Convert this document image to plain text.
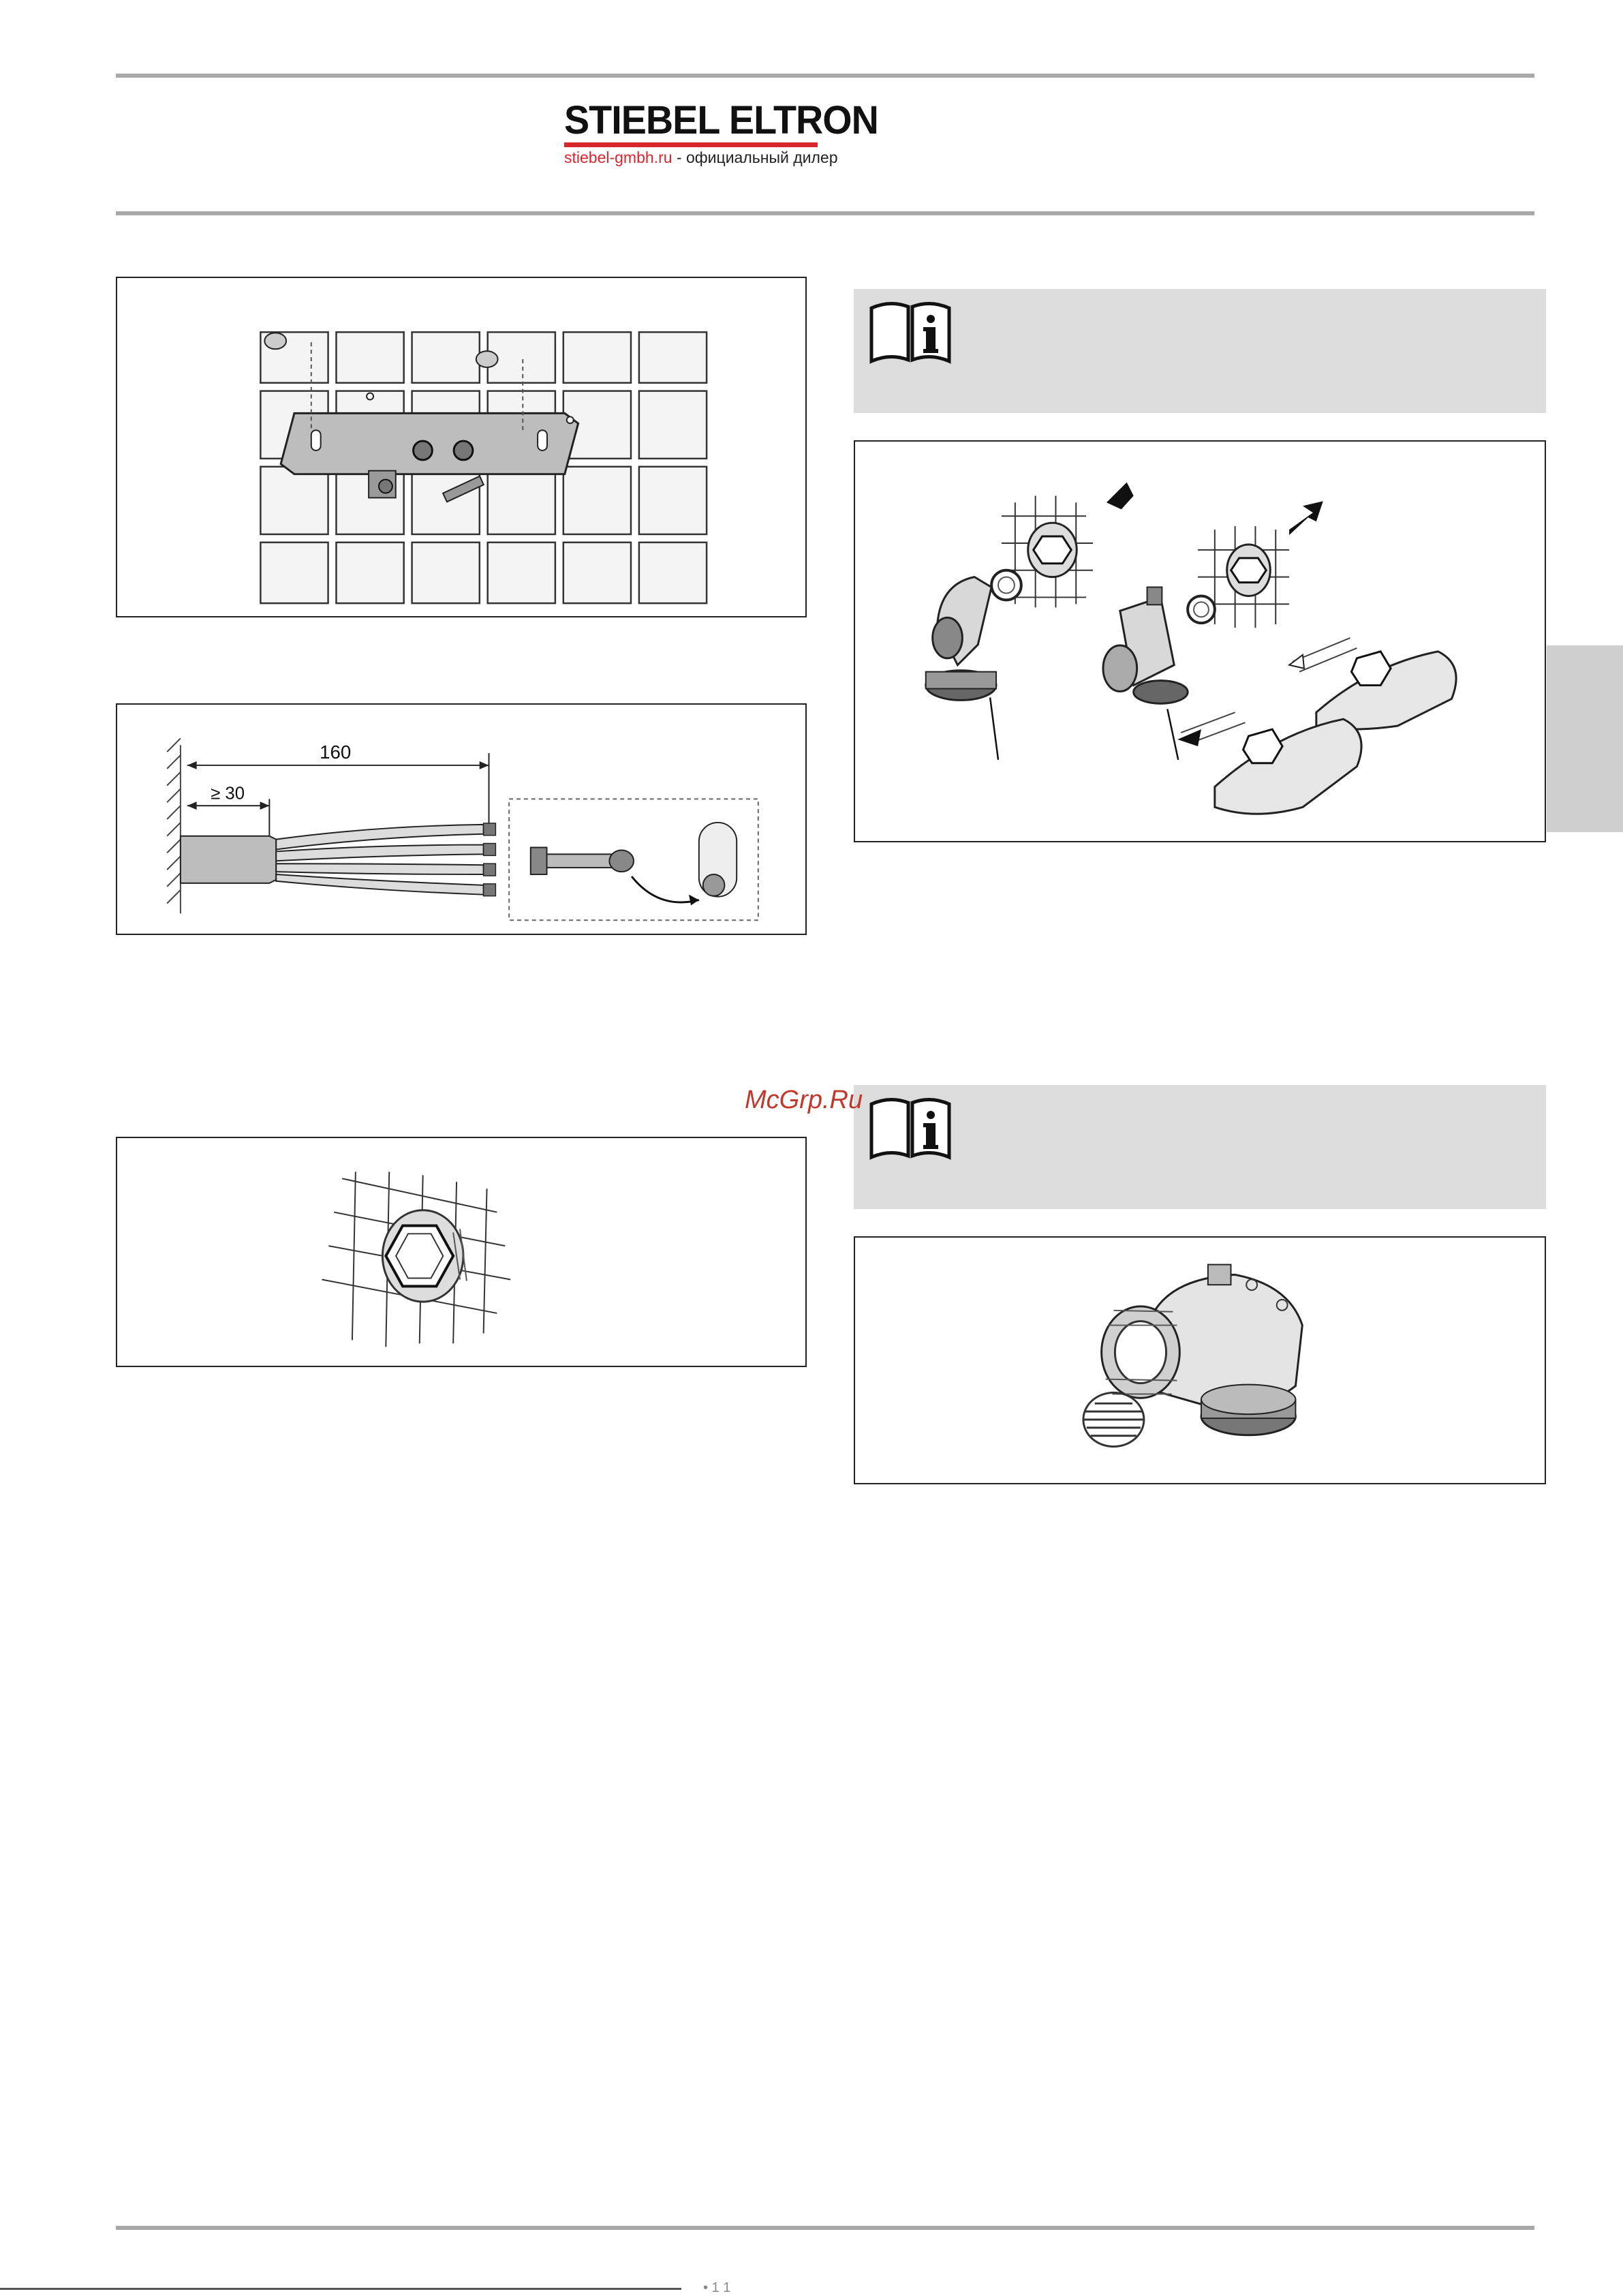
STIEBEL ELTRON
stiebel-gmbh.ru - официальный дилер
160
≥ 30
McGrp.Ru
• 1 1
